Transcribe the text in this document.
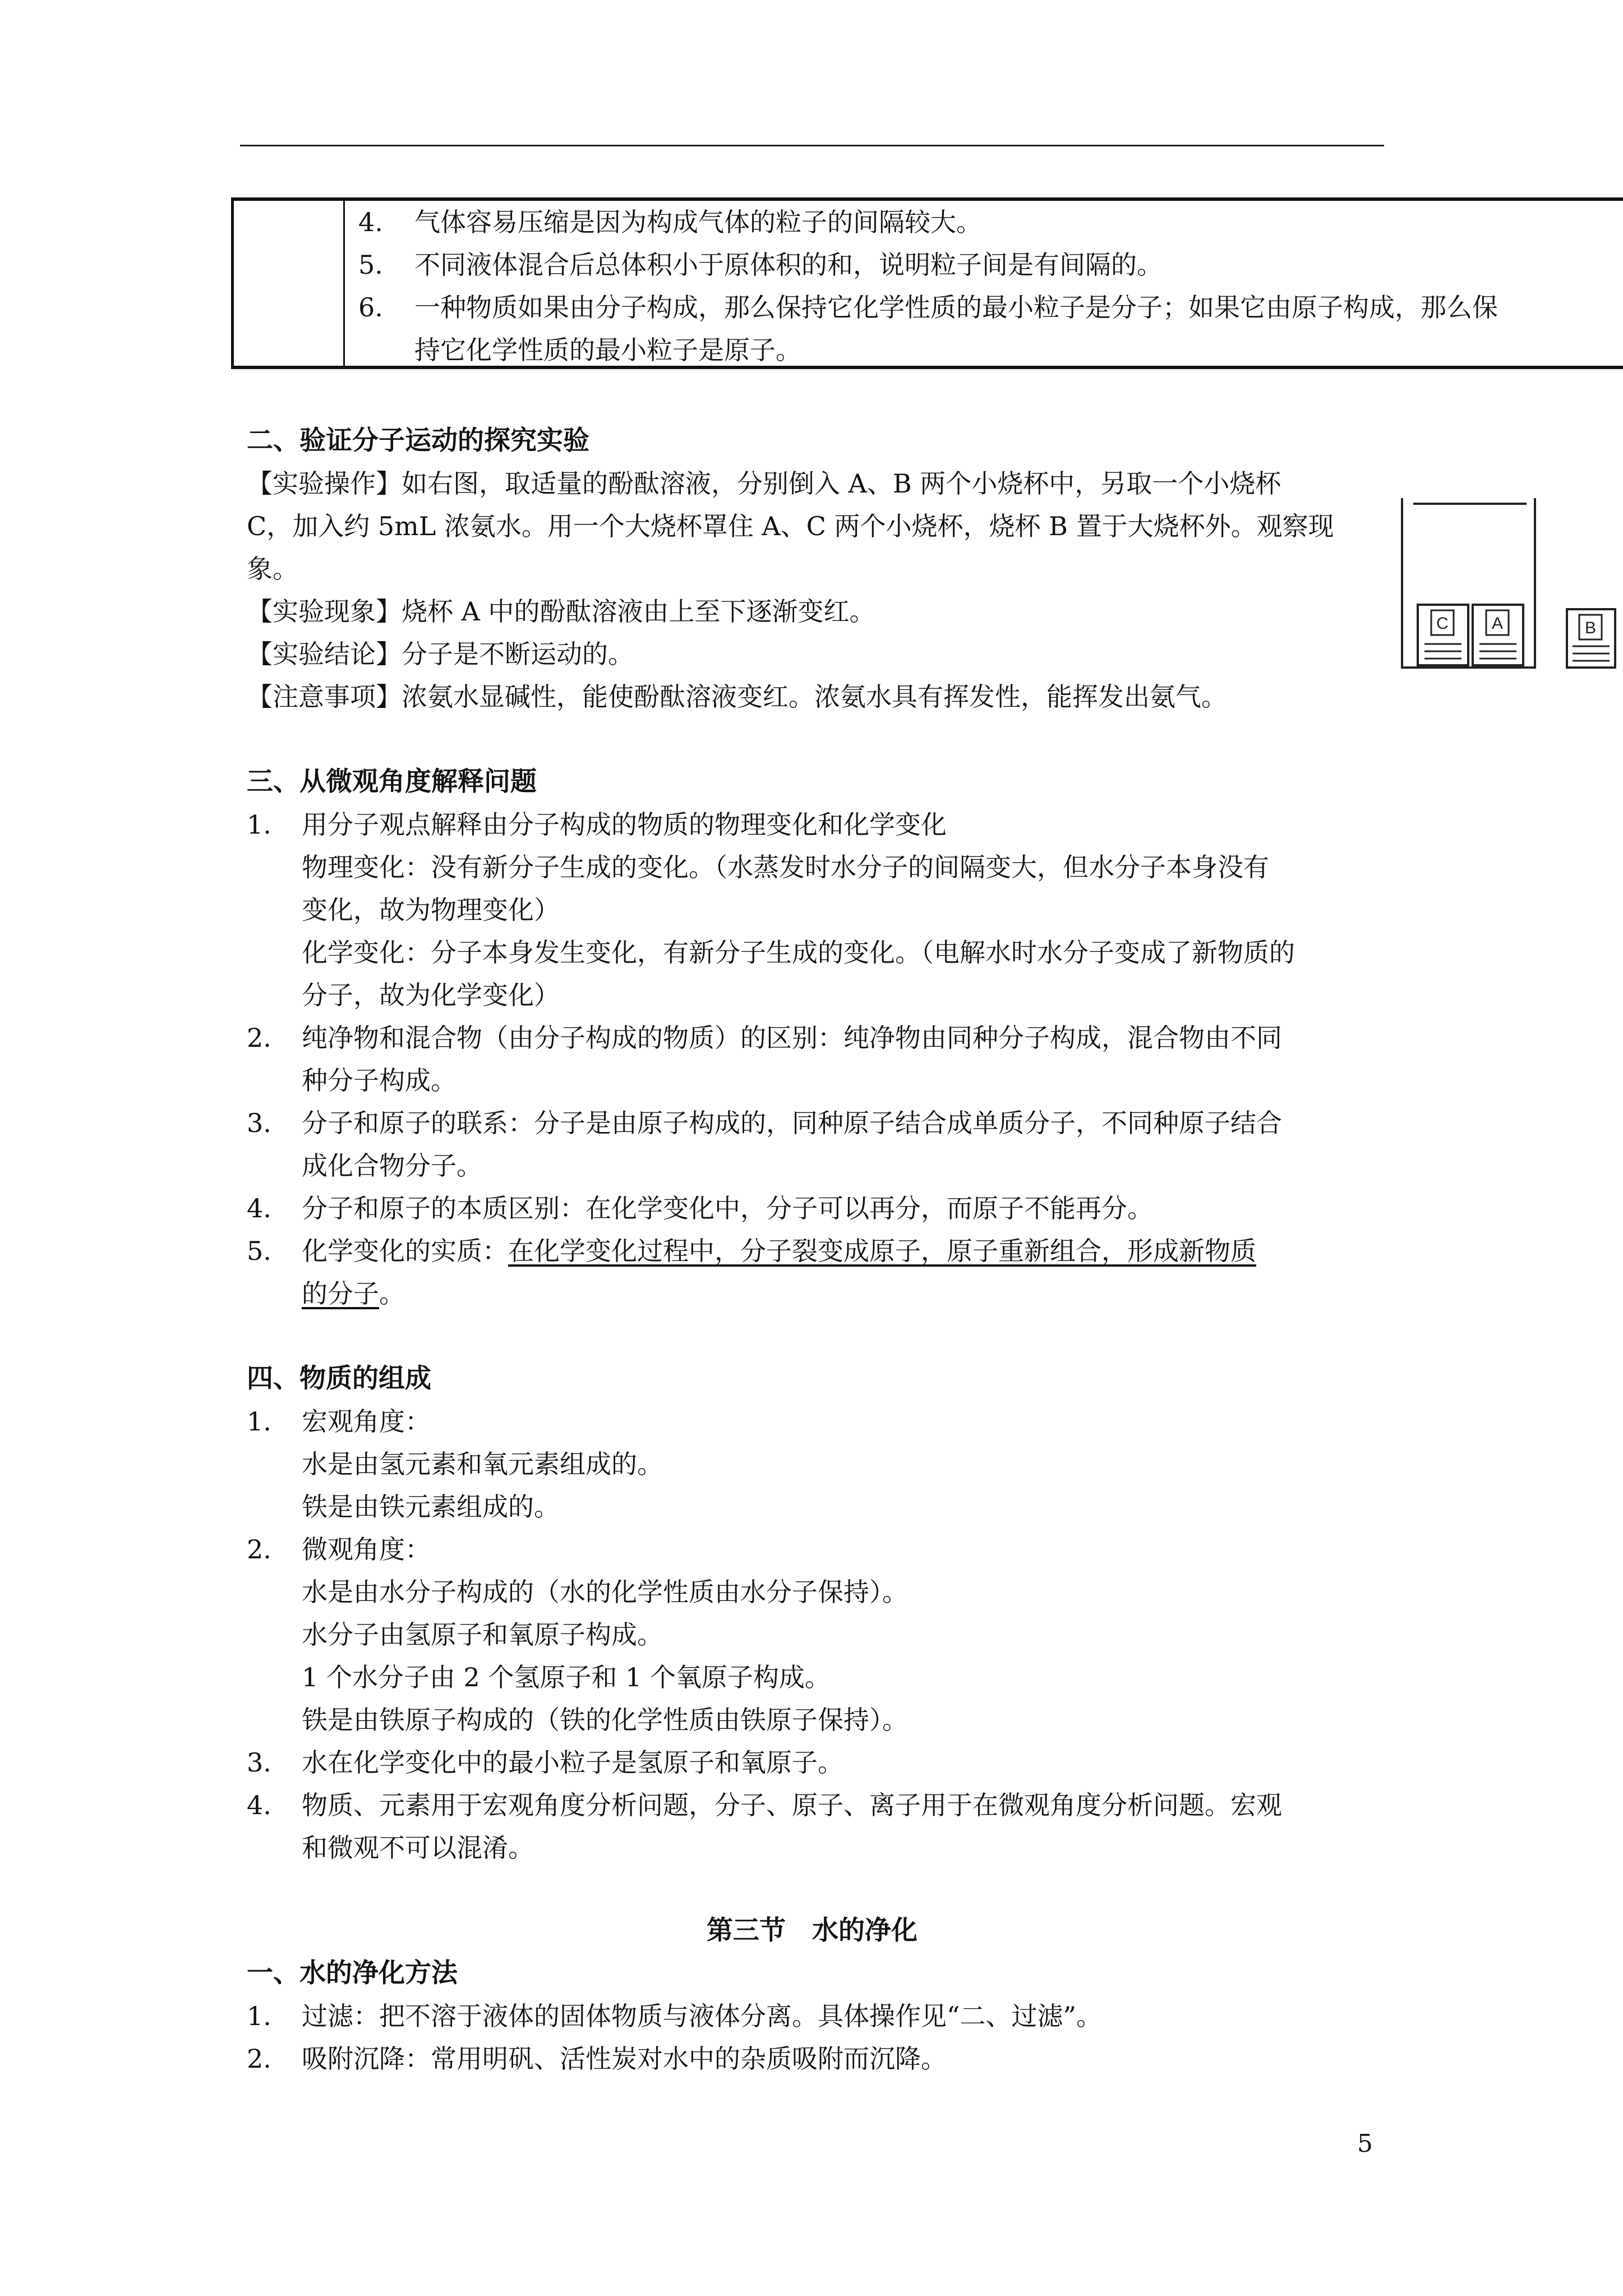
4.	气体容易压缩是因为构成气体的粒子的间隔较大。
5.	不同液体混合后总体积小于原体积的和，说明粒子间是有间隔的。
6.	一种物质如果由分子构成，那么保持它化学性质的最小粒子是分子；如果它由原子构成，那么保
持它化学性质的最小粒子是原子。
二、验证分子运动的探究实验
【实验操作】如右图，取适量的酚酞溶液，分别倒入 A、B 两个小烧杯中，另取一个小烧杯
C，加入约 5mL 浓氨水。用一个大烧杯罩住 A、C 两个小烧杯，烧杯 B 置于大烧杯外。观察现
象。
【实验现象】烧杯 A 中的酚酞溶液由上至下逐渐变红。
【实验结论】分子是不断运动的。
【注意事项】浓氨水显碱性，能使酚酞溶液变红。浓氨水具有挥发性，能挥发出氨气。
C	A	B
三、从微观角度解释问题
1. 用分子观点解释由分子构成的物质的物理变化和化学变化
物理变化：没有新分子生成的变化。（水蒸发时水分子的间隔变大，但水分子本身没有
变化，故为物理变化）
化学变化：分子本身发生变化，有新分子生成的变化。（电解水时水分子变成了新物质的
分子，故为化学变化）
2. 纯净物和混合物（由分子构成的物质）的区别：纯净物由同种分子构成，混合物由不同
种分子构成。
3. 分子和原子的联系：分子是由原子构成的，同种原子结合成单质分子，不同种原子结合
成化合物分子。
4. 分子和原子的本质区别：在化学变化中，分子可以再分，而原子不能再分。
5. 化学变化的实质：在化学变化过程中，分子裂变成原子，原子重新组合，形成新物质
的分子。
四、物质的组成
1. 宏观角度：
水是由氢元素和氧元素组成的。
铁是由铁元素组成的。
2. 微观角度：
水是由水分子构成的（水的化学性质由水分子保持）。
水分子由氢原子和氧原子构成。
1 个水分子由 2 个氢原子和 1 个氧原子构成。
铁是由铁原子构成的（铁的化学性质由铁原子保持）。
3. 水在化学变化中的最小粒子是氢原子和氧原子。
4. 物质、元素用于宏观角度分析问题，分子、原子、离子用于在微观角度分析问题。宏观
和微观不可以混淆。
第三节　水的净化
一、水的净化方法
1. 过滤：把不溶于液体的固体物质与液体分离。具体操作见“二、过滤”。
2. 吸附沉降：常用明矾、活性炭对水中的杂质吸附而沉降。
5
